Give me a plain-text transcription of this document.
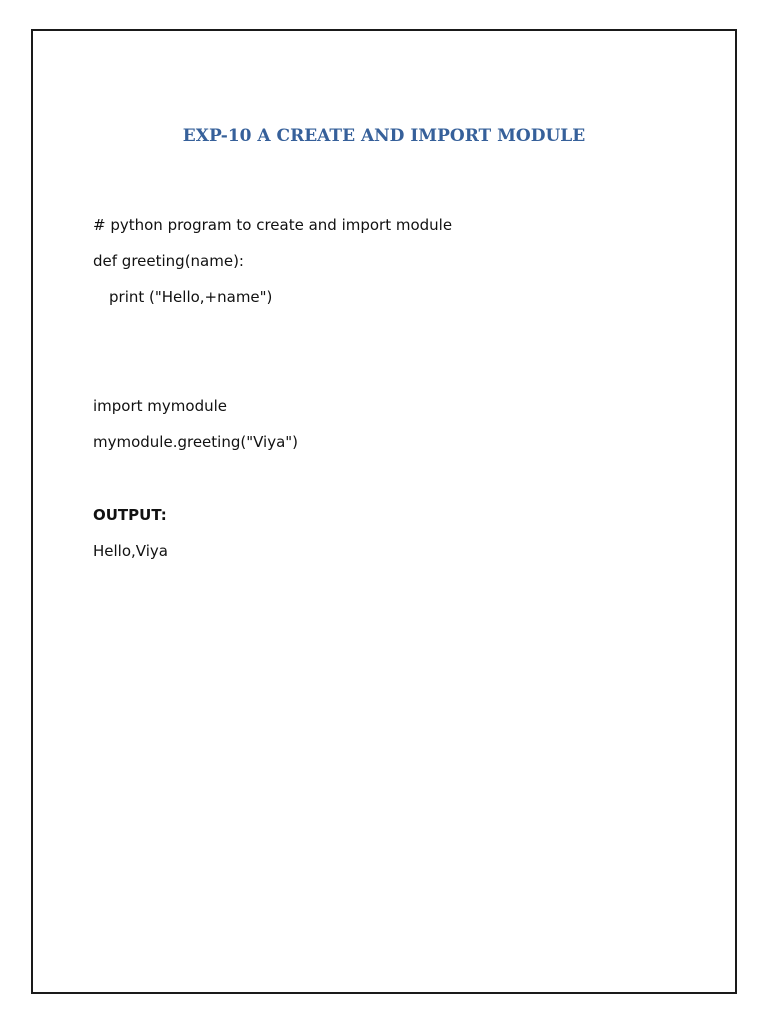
EXP-10 A CREATE AND IMPORT MODULE
# python program to create and import module
def greeting(name):
print ("Hello,+name")
import mymodule
mymodule.greeting("Viya")
OUTPUT:
Hello,Viya
